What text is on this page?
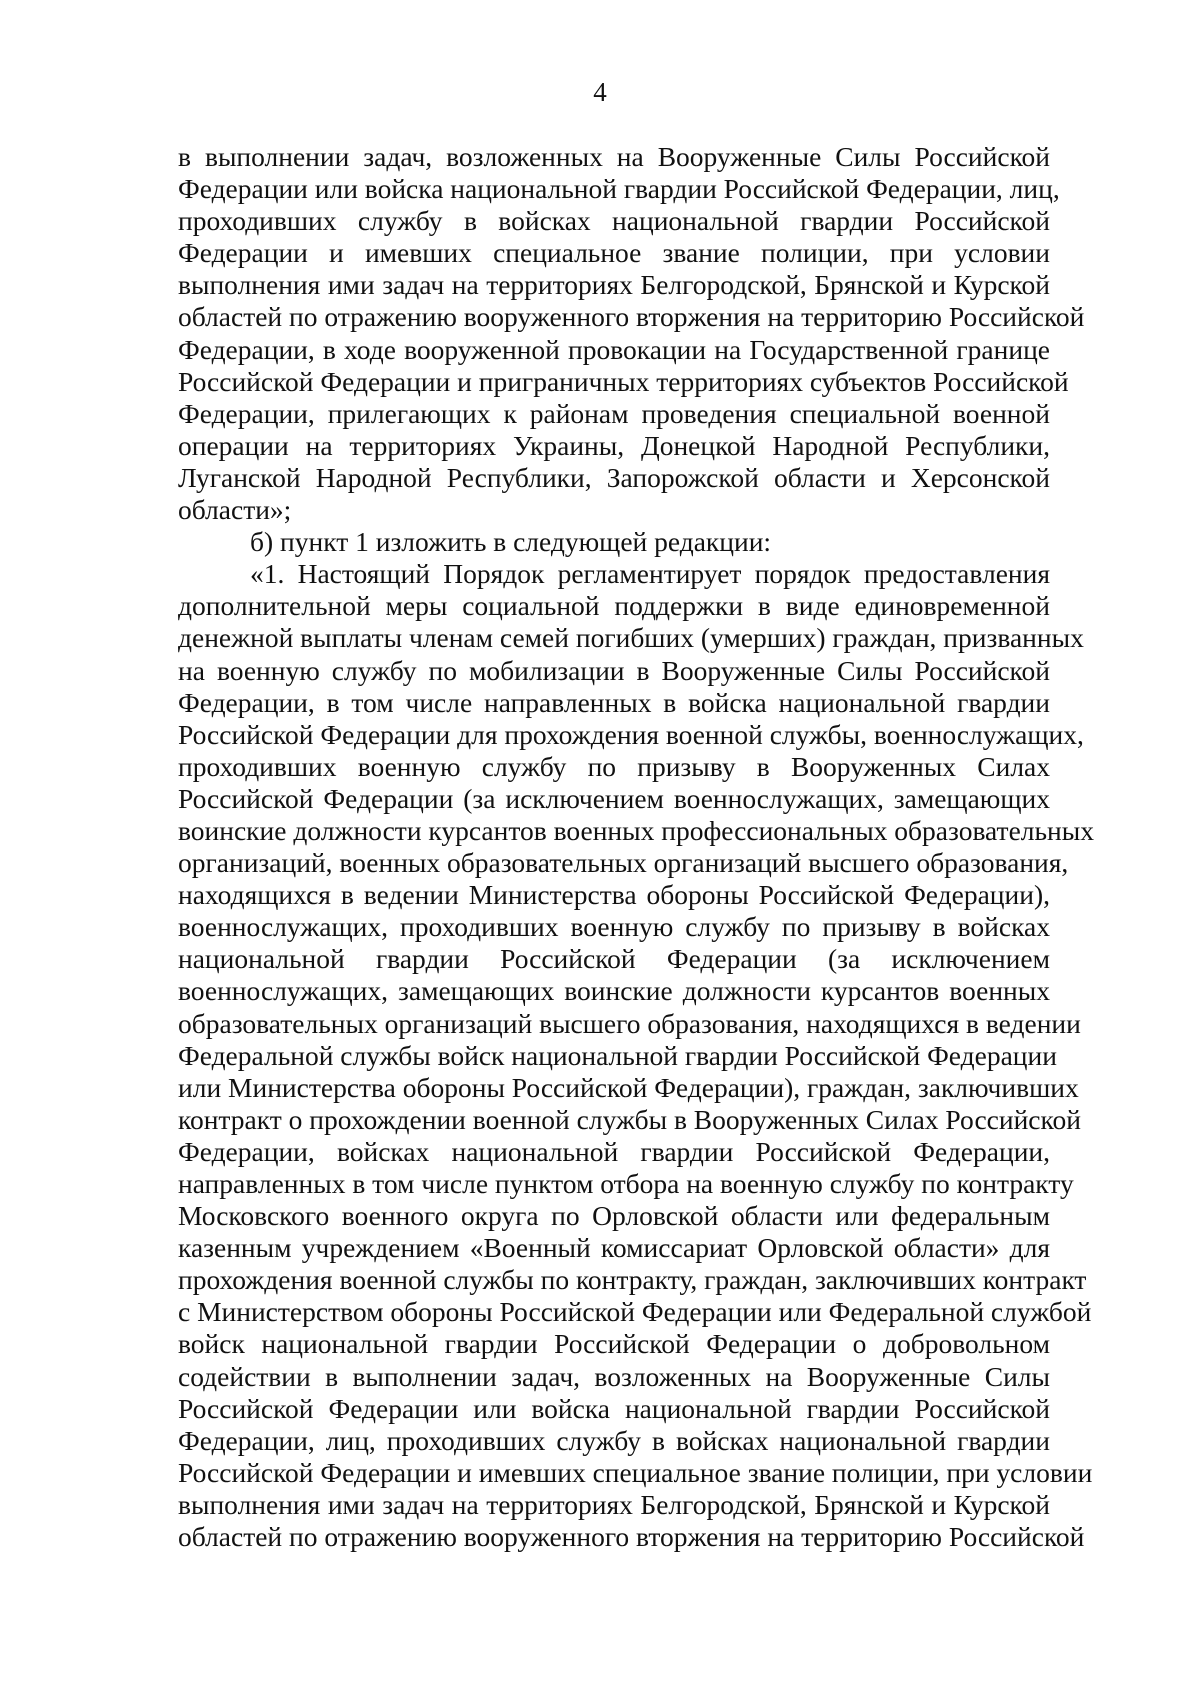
4
в выполнении задач, возложенных на Вооруженные Силы Российской
Федерации или войска национальной гвардии Российской Федерации, лиц,
проходивших службу в войсках национальной гвардии Российской
Федерации и имевших специальное звание полиции, при условии
выполнения ими задач на территориях Белгородской, Брянской и Курской
областей по отражению вооруженного вторжения на территорию Российской
Федерации, в ходе вооруженной провокации на Государственной границе
Российской Федерации и приграничных территориях субъектов Российской
Федерации, прилегающих к районам проведения специальной военной
операции на территориях Украины, Донецкой Народной Республики,
Луганской Народной Республики, Запорожской области и Херсонской
области»;
б) пункт 1 изложить в следующей редакции:
«1. Настоящий Порядок регламентирует порядок предоставления
дополнительной меры социальной поддержки в виде единовременной
денежной выплаты членам семей погибших (умерших) граждан, призванных
на военную службу по мобилизации в Вооруженные Силы Российской
Федерации, в том числе направленных в войска национальной гвардии
Российской Федерации для прохождения военной службы, военнослужащих,
проходивших военную службу по призыву в Вооруженных Силах
Российской Федерации (за исключением военнослужащих, замещающих
воинские должности курсантов военных профессиональных образовательных
организаций, военных образовательных организаций высшего образования,
находящихся в ведении Министерства обороны Российской Федерации),
военнослужащих, проходивших военную службу по призыву в войсках
национальной гвардии Российской Федерации (за исключением
военнослужащих, замещающих воинские должности курсантов военных
образовательных организаций высшего образования, находящихся в ведении
Федеральной службы войск национальной гвардии Российской Федерации
или Министерства обороны Российской Федерации), граждан, заключивших
контракт о прохождении военной службы в Вооруженных Силах Российской
Федерации, войсках национальной гвардии Российской Федерации,
направленных в том числе пунктом отбора на военную службу по контракту
Московского военного округа по Орловской области или федеральным
казенным учреждением «Военный комиссариат Орловской области» для
прохождения военной службы по контракту, граждан, заключивших контракт
с Министерством обороны Российской Федерации или Федеральной службой
войск национальной гвардии Российской Федерации о добровольном
содействии в выполнении задач, возложенных на Вооруженные Силы
Российской Федерации или войска национальной гвардии Российской
Федерации, лиц, проходивших службу в войсках национальной гвардии
Российской Федерации и имевших специальное звание полиции, при условии
выполнения ими задач на территориях Белгородской, Брянской и Курской
областей по отражению вооруженного вторжения на территорию Российской
